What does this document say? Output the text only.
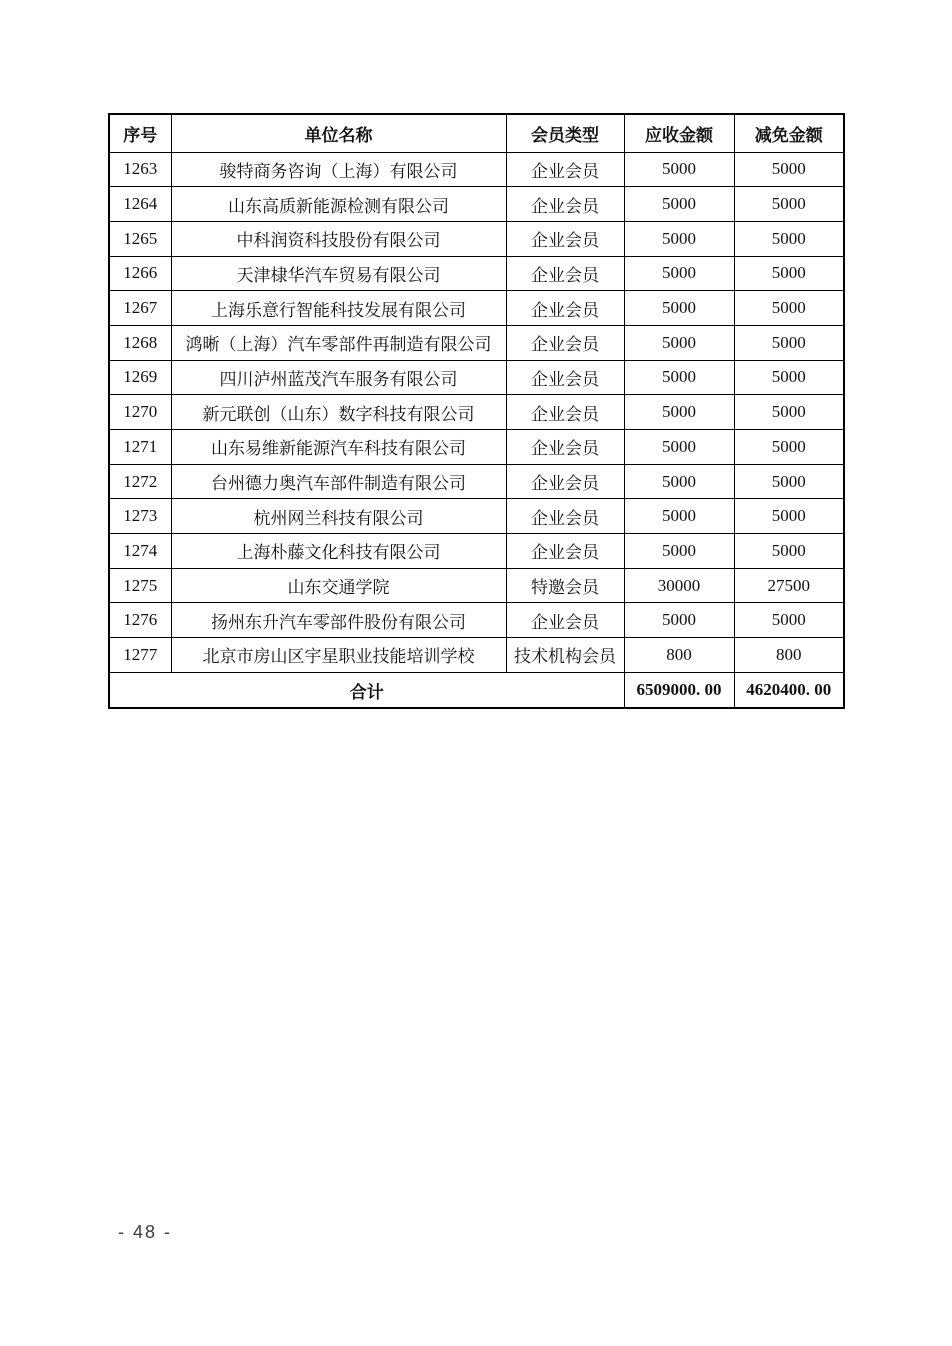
序号	单位名称	会员类型	应收金额	减免金额
1263	骏特商务咨询（上海）有限公司	企业会员	5000	5000
1264	山东高质新能源检测有限公司	企业会员	5000	5000
1265	中科润资科技股份有限公司	企业会员	5000	5000
1266	天津棣华汽车贸易有限公司	企业会员	5000	5000
1267	上海乐意行智能科技发展有限公司	企业会员	5000	5000
1268	鸿晰（上海）汽车零部件再制造有限公司	企业会员	5000	5000
1269	四川泸州蓝茂汽车服务有限公司	企业会员	5000	5000
1270	新元联创（山东）数字科技有限公司	企业会员	5000	5000
1271	山东易维新能源汽车科技有限公司	企业会员	5000	5000
1272	台州德力奥汽车部件制造有限公司	企业会员	5000	5000
1273	杭州网兰科技有限公司	企业会员	5000	5000
1274	上海朴藤文化科技有限公司	企业会员	5000	5000
1275	山东交通学院	特邀会员	30000	27500
1276	扬州东升汽车零部件股份有限公司	企业会员	5000	5000
1277	北京市房山区宇星职业技能培训学校	技术机构会员	800	800
合计			6509000. 00	4620400. 00
- 48 -
